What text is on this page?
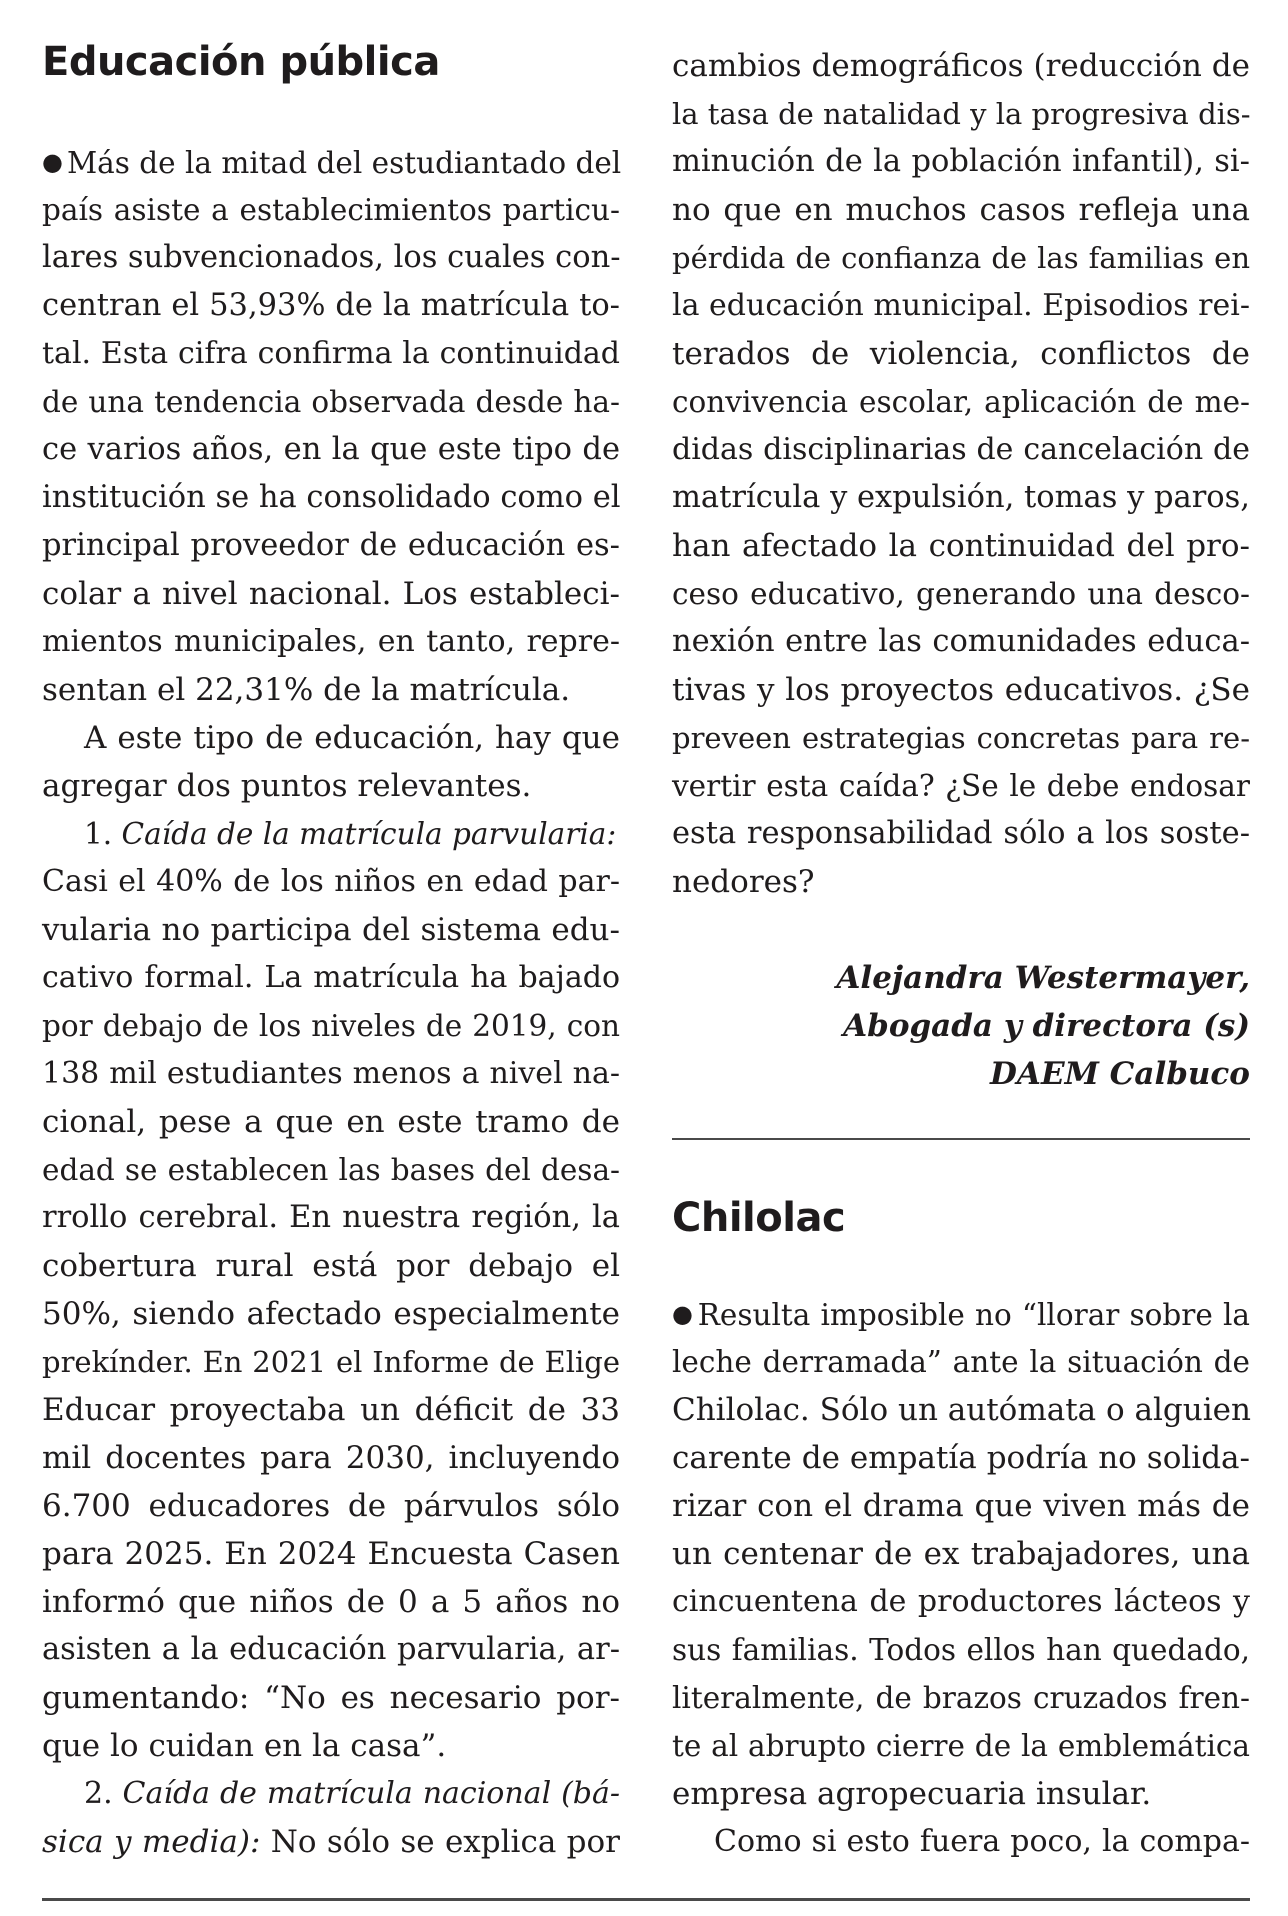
Educación pública
● Más de la mitad del estudiantado del
país asiste a establecimientos particu-
lares subvencionados, los cuales con-
centran el 53,93% de la matrícula to-
tal. Esta cifra confirma la continuidad
de una tendencia observada desde ha-
ce varios años, en la que este tipo de
institución se ha consolidado como el
principal proveedor de educación es-
colar a nivel nacional. Los estableci-
mientos municipales, en tanto, repre-
sentan el 22,31% de la matrícula.
A este tipo de educación, hay que
agregar dos puntos relevantes.
1. Caída de la matrícula parvularia:
Casi el 40% de los niños en edad par-
vularia no participa del sistema edu-
cativo formal. La matrícula ha bajado
por debajo de los niveles de 2019, con
138 mil estudiantes menos a nivel na-
cional, pese a que en este tramo de
edad se establecen las bases del desa-
rrollo cerebral. En nuestra región, la
cobertura rural está por debajo el
50%, siendo afectado especialmente
prekínder. En 2021 el Informe de Elige
Educar proyectaba un déficit de 33
mil docentes para 2030, incluyendo
6.700 educadores de párvulos sólo
para 2025. En 2024 Encuesta Casen
informó que niños de 0 a 5 años no
asisten a la educación parvularia, ar-
gumentando: “No es necesario por-
que lo cuidan en la casa”.
2. Caída de matrícula nacional (bá-
sica y media): No sólo se explica por
cambios demográficos (reducción de
la tasa de natalidad y la progresiva dis-
minución de la población infantil), si-
no que en muchos casos refleja una
pérdida de confianza de las familias en
la educación municipal. Episodios rei-
terados de violencia, conflictos de
convivencia escolar, aplicación de me-
didas disciplinarias de cancelación de
matrícula y expulsión, tomas y paros,
han afectado la continuidad del pro-
ceso educativo, generando una desco-
nexión entre las comunidades educa-
tivas y los proyectos educativos. ¿Se
preveen estrategias concretas para re-
vertir esta caída? ¿Se le debe endosar
esta responsabilidad sólo a los soste-
nedores?
Alejandra Westermayer,
Abogada y directora (s)
DAEM Calbuco
Chilolac
● Resulta imposible no “llorar sobre la
leche derramada” ante la situación de
Chilolac. Sólo un autómata o alguien
carente de empatía podría no solida-
rizar con el drama que viven más de
un centenar de ex trabajadores, una
cincuentena de productores lácteos y
sus familias. Todos ellos han quedado,
literalmente, de brazos cruzados fren-
te al abrupto cierre de la emblemática
empresa agropecuaria insular.
Como si esto fuera poco, la compa-
